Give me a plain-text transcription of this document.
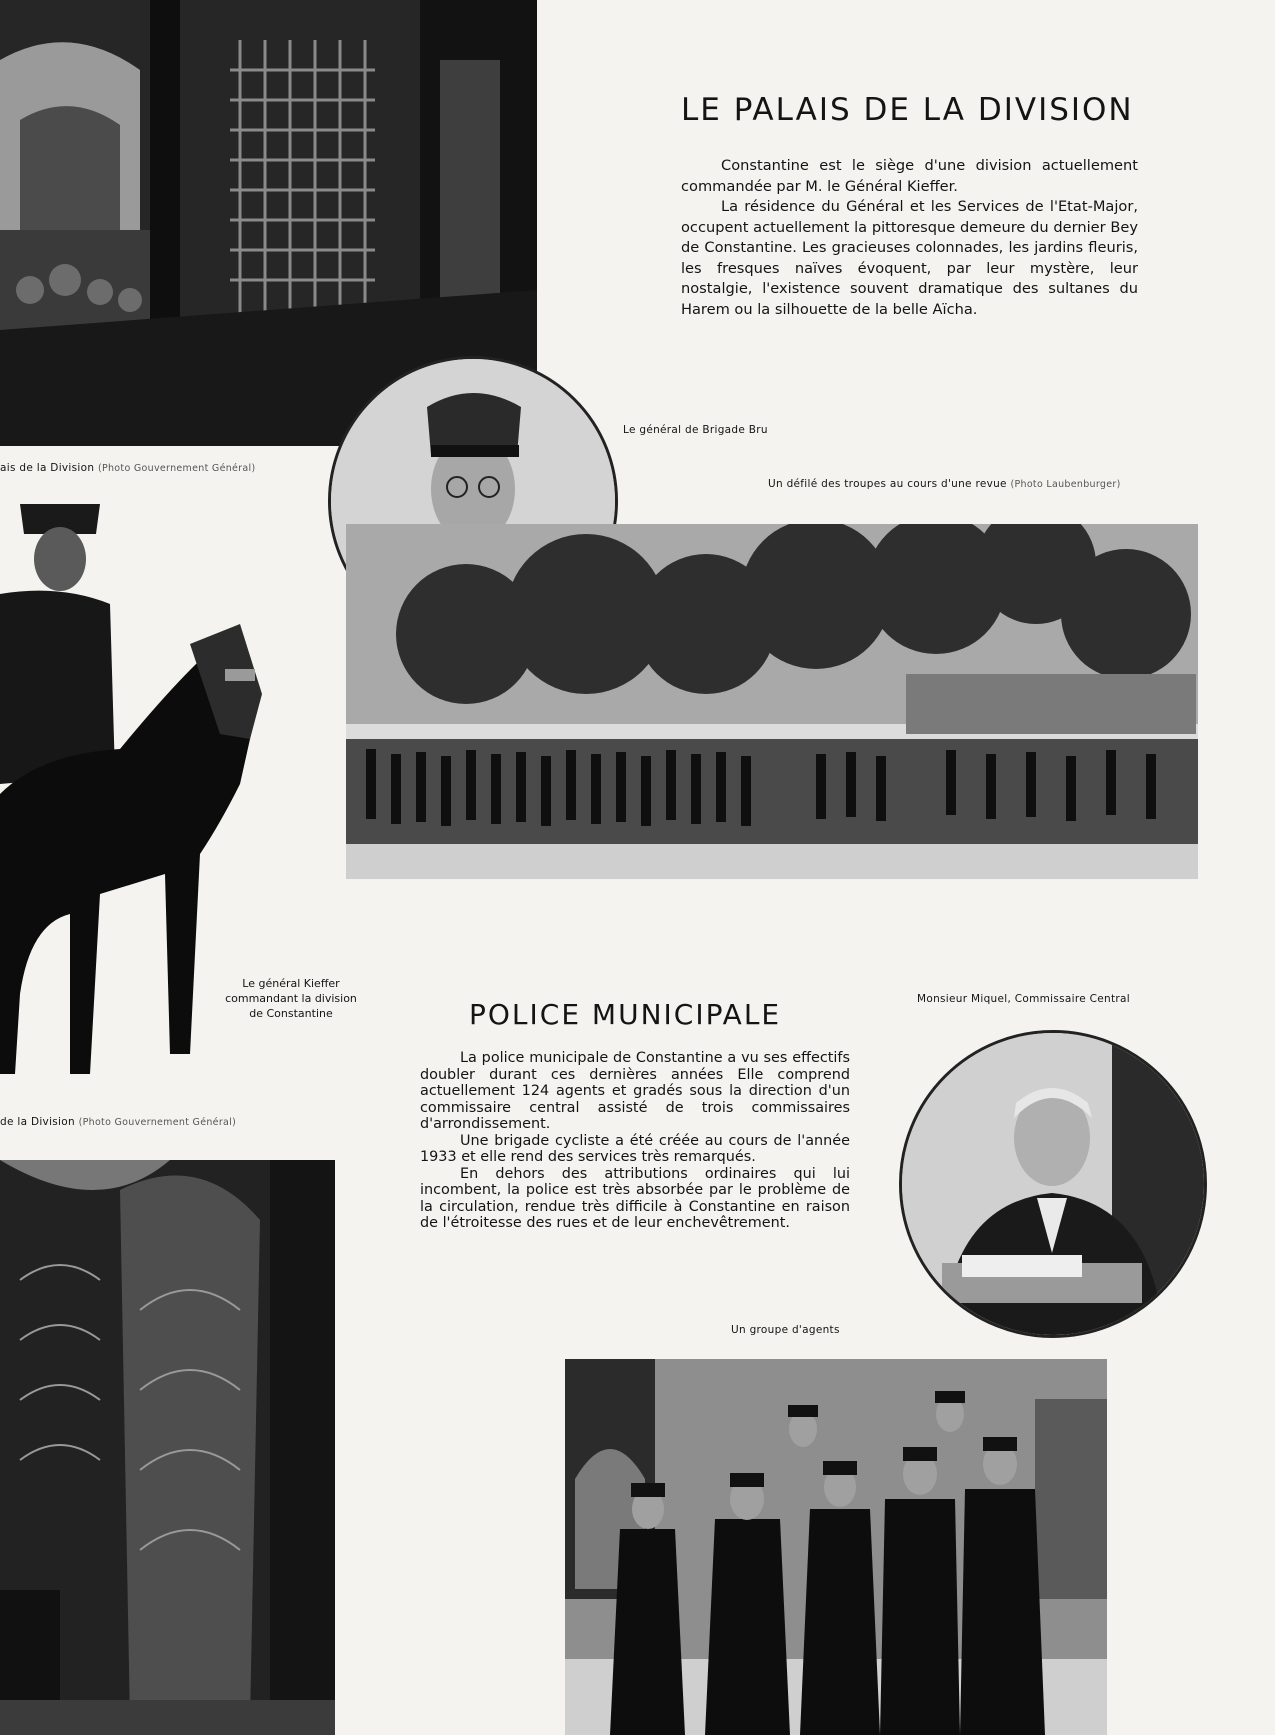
ais de la Division (Photo Gouvernement Général)
LE PALAIS DE LA DIVISION

Constantine est le siège d'une division actuellement commandée par M. le Général Kieffer.

La résidence du Général et les Services de l'Etat-Major, occupent actuellement la pittoresque demeure du dernier Bey de Constantine. Les gracieuses colonnades, les jardins fleuris, les fresques naïves évoquent, par leur mystère, leur nostalgie, l'existence souvent dramatique des sultanes du Harem ou la silhouette de la belle Aïcha.

Le général de Brigade Bru
Un défilé des troupes au cours d'une revue (Photo Laubenburger)
Le général Kieffer
commandant la division
de Constantine
de la Division (Photo Gouvernement Général)
POLICE MUNICIPALE

La police municipale de Constantine a vu ses effectifs doubler durant ces dernières années Elle comprend actuellement 124 agents et gradés sous la direction d'un commissaire central assisté de trois commissaires d'arrondissement.

Une brigade cycliste a été créée au cours de l'année 1933 et elle rend des services très remarqués.

En dehors des attributions ordinaires qui lui incombent, la police est très absorbée par le problème de la circulation, rendue très difficile à Constantine en raison de l'étroitesse des rues et de leur enchevêtrement.

Monsieur Miquel, Commissaire Central
Un groupe d'agents
